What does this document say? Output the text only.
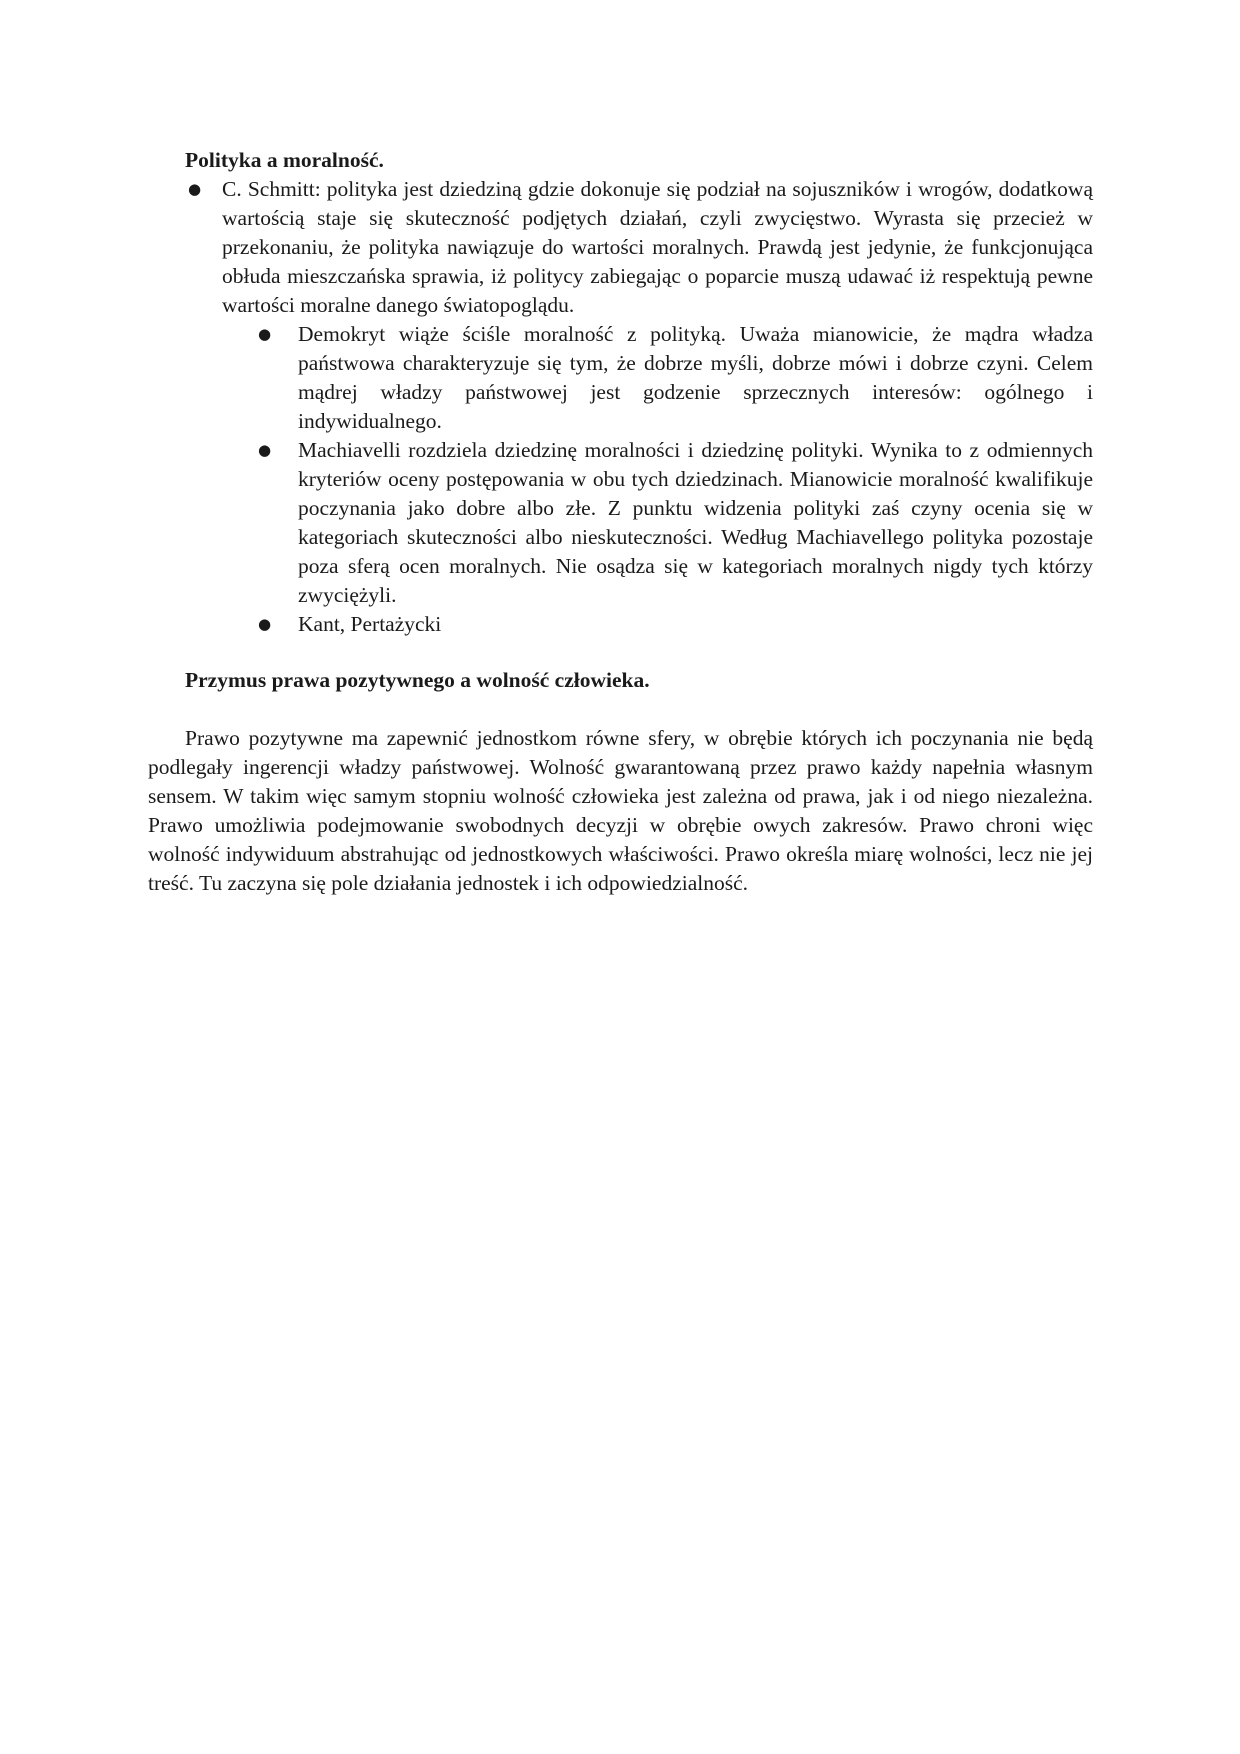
Polityka a moralność.
● C. Schmitt: polityka jest dziedziną gdzie dokonuje się podział na sojuszników i wrogów, dodatkową wartością staje się skuteczność podjętych działań, czyli zwycięstwo. Wyrasta się przecież w przekonaniu, że polityka nawiązuje do wartości moralnych. Prawdą jest jedynie, że funkcjonująca obłuda mieszczańska sprawia, iż politycy zabiegając o poparcie muszą udawać iż respektują pewne wartości moralne danego światopoglądu.
● Demokryt wiąże ściśle moralność z polityką. Uważa mianowicie, że mądra władza państwowa charakteryzuje się tym, że dobrze myśli, dobrze mówi i dobrze czyni. Celem mądrej władzy państwowej jest godzenie sprzecznych interesów: ogólnego i indywidualnego.
● Machiavelli rozdziela dziedzinę moralności i dziedzinę polityki. Wynika to z odmiennych kryteriów oceny postępowania w obu tych dziedzinach. Mianowicie moralność kwalifikuje poczynania jako dobre albo złe. Z punktu widzenia polityki zaś czyny ocenia się w kategoriach skuteczności albo nieskuteczności. Według Machiavellego polityka pozostaje poza sferą ocen moralnych. Nie osądza się w kategoriach moralnych nigdy tych którzy zwyciężyli.
● Kant, Pertażycki
Przymus prawa pozytywnego a wolność człowieka.

Prawo pozytywne ma zapewnić jednostkom równe sfery, w obrębie których ich poczynania nie będą podlegały ingerencji władzy państwowej. Wolność gwarantowaną przez prawo każdy napełnia własnym sensem. W takim więc samym stopniu wolność człowieka jest zależna od prawa, jak i od niego niezależna. Prawo umożliwia podejmowanie swobodnych decyzji w obrębie owych zakresów. Prawo chroni więc wolność indywiduum abstrahując od jednostkowych właściwości. Prawo określa miarę wolności, lecz nie jej treść. Tu zaczyna się pole działania jednostek i ich odpowiedzialność.
